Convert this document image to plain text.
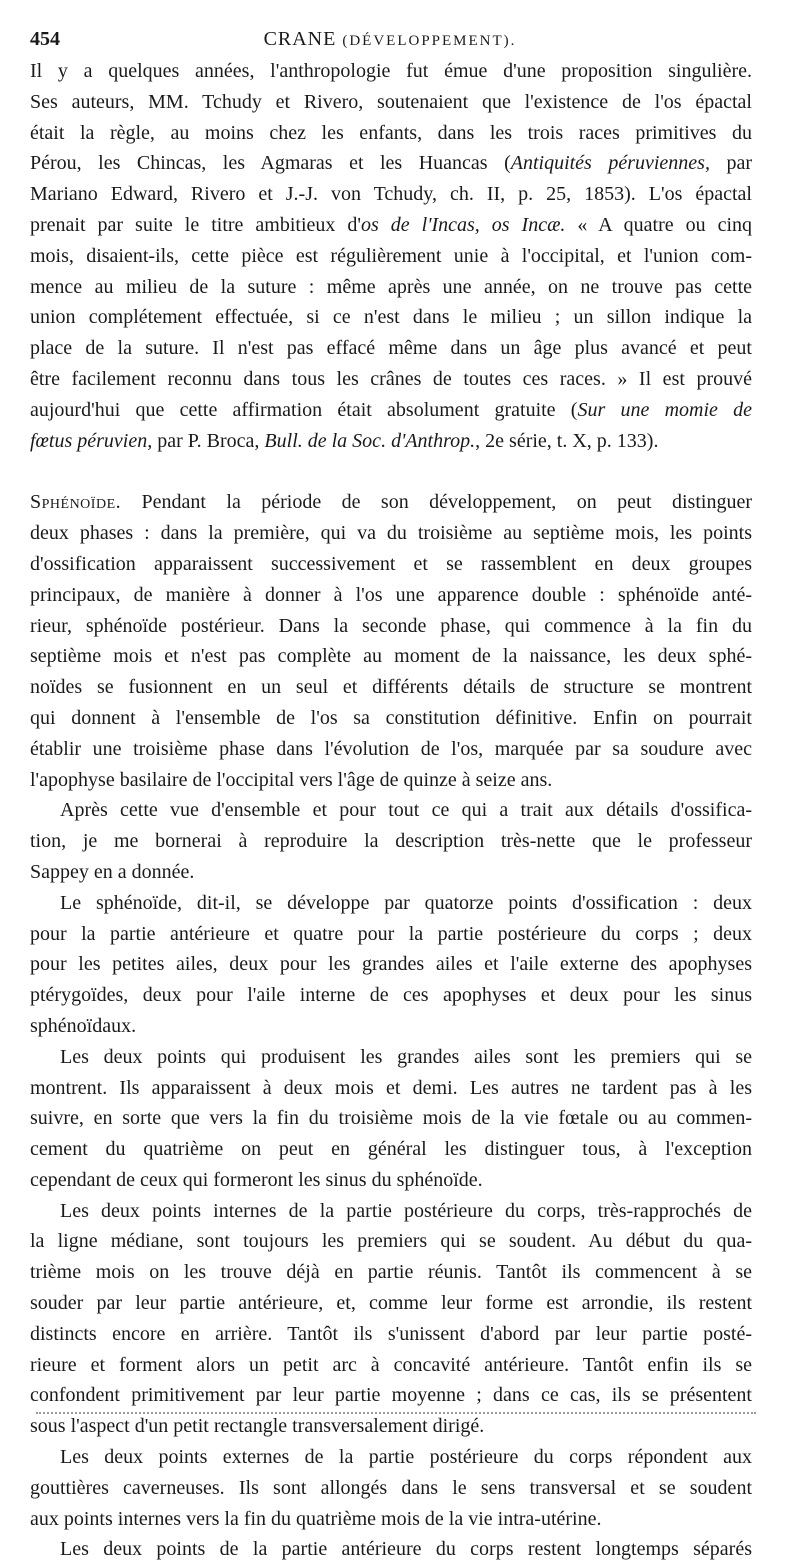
454	CRANE (DÉVELOPPEMENT).
Il y a quelques années, l'anthropologie fut émue d'une proposition singulière.
Ses auteurs, MM. Tchudy et Rivero, soutenaient que l'existence de l'os épactal
était la règle, au moins chez les enfants, dans les trois races primitives du
Pérou, les Chincas, les Agmaras et les Huancas (Antiquités péruviennes, par
Mariano Edward, Rivero et J.-J. von Tchudy, ch. II, p. 25, 1853). L'os épactal
prenait par suite le titre ambitieux d'os de l'Incas, os Incæ. « A quatre ou cinq
mois, disaient-ils, cette pièce est régulièrement unie à l'occipital, et l'union com-
mence au milieu de la suture : même après une année, on ne trouve pas cette
union complétement effectuée, si ce n'est dans le milieu ; un sillon indique la
place de la suture. Il n'est pas effacé même dans un âge plus avancé et peut
être facilement reconnu dans tous les crânes de toutes ces races. » Il est prouvé
aujourd'hui que cette affirmation était absolument gratuite (Sur une momie de
fœtus péruvien, par P. Broca, Bull. de la Soc. d'Anthrop., 2e série, t. X, p. 133).
Sphénoïde. Pendant la période de son développement, on peut distinguer
deux phases : dans la première, qui va du troisième au septième mois, les points
d'ossification apparaissent successivement et se rassemblent en deux groupes
principaux, de manière à donner à l'os une apparence double : sphénoïde anté-
rieur, sphénoïde postérieur. Dans la seconde phase, qui commence à la fin du
septième mois et n'est pas complète au moment de la naissance, les deux sphé-
noïdes se fusionnent en un seul et différents détails de structure se montrent
qui donnent à l'ensemble de l'os sa constitution définitive. Enfin on pourrait
établir une troisième phase dans l'évolution de l'os, marquée par sa soudure avec
l'apophyse basilaire de l'occipital vers l'âge de quinze à seize ans.
Après cette vue d'ensemble et pour tout ce qui a trait aux détails d'ossifica-
tion, je me bornerai à reproduire la description très-nette que le professeur
Sappey en a donnée.
Le sphénoïde, dit-il, se développe par quatorze points d'ossification : deux
pour la partie antérieure et quatre pour la partie postérieure du corps ; deux
pour les petites ailes, deux pour les grandes ailes et l'aile externe des apophyses
ptérygoïdes, deux pour l'aile interne de ces apophyses et deux pour les sinus
sphénoïdaux.
Les deux points qui produisent les grandes ailes sont les premiers qui se
montrent. Ils apparaissent à deux mois et demi. Les autres ne tardent pas à les
suivre, en sorte que vers la fin du troisième mois de la vie fœtale ou au commen-
cement du quatrième on peut en général les distinguer tous, à l'exception
cependant de ceux qui formeront les sinus du sphénoïde.
Les deux points internes de la partie postérieure du corps, très-rapprochés de
la ligne médiane, sont toujours les premiers qui se soudent. Au début du qua-
trième mois on les trouve déjà en partie réunis. Tantôt ils commencent à se
souder par leur partie antérieure, et, comme leur forme est arrondie, ils restent
distincts encore en arrière. Tantôt ils s'unissent d'abord par leur partie posté-
rieure et forment alors un petit arc à concavité antérieure. Tantôt enfin ils se
confondent primitivement par leur partie moyenne ; dans ce cas, ils se présentent
sous l'aspect d'un petit rectangle transversalement dirigé.
Les deux points externes de la partie postérieure du corps répondent aux
gouttières caverneuses. Ils sont allongés dans le sens transversal et se soudent
aux points internes vers la fin du quatrième mois de la vie intra-utérine.
Les deux points de la partie antérieure du corps restent longtemps séparés
